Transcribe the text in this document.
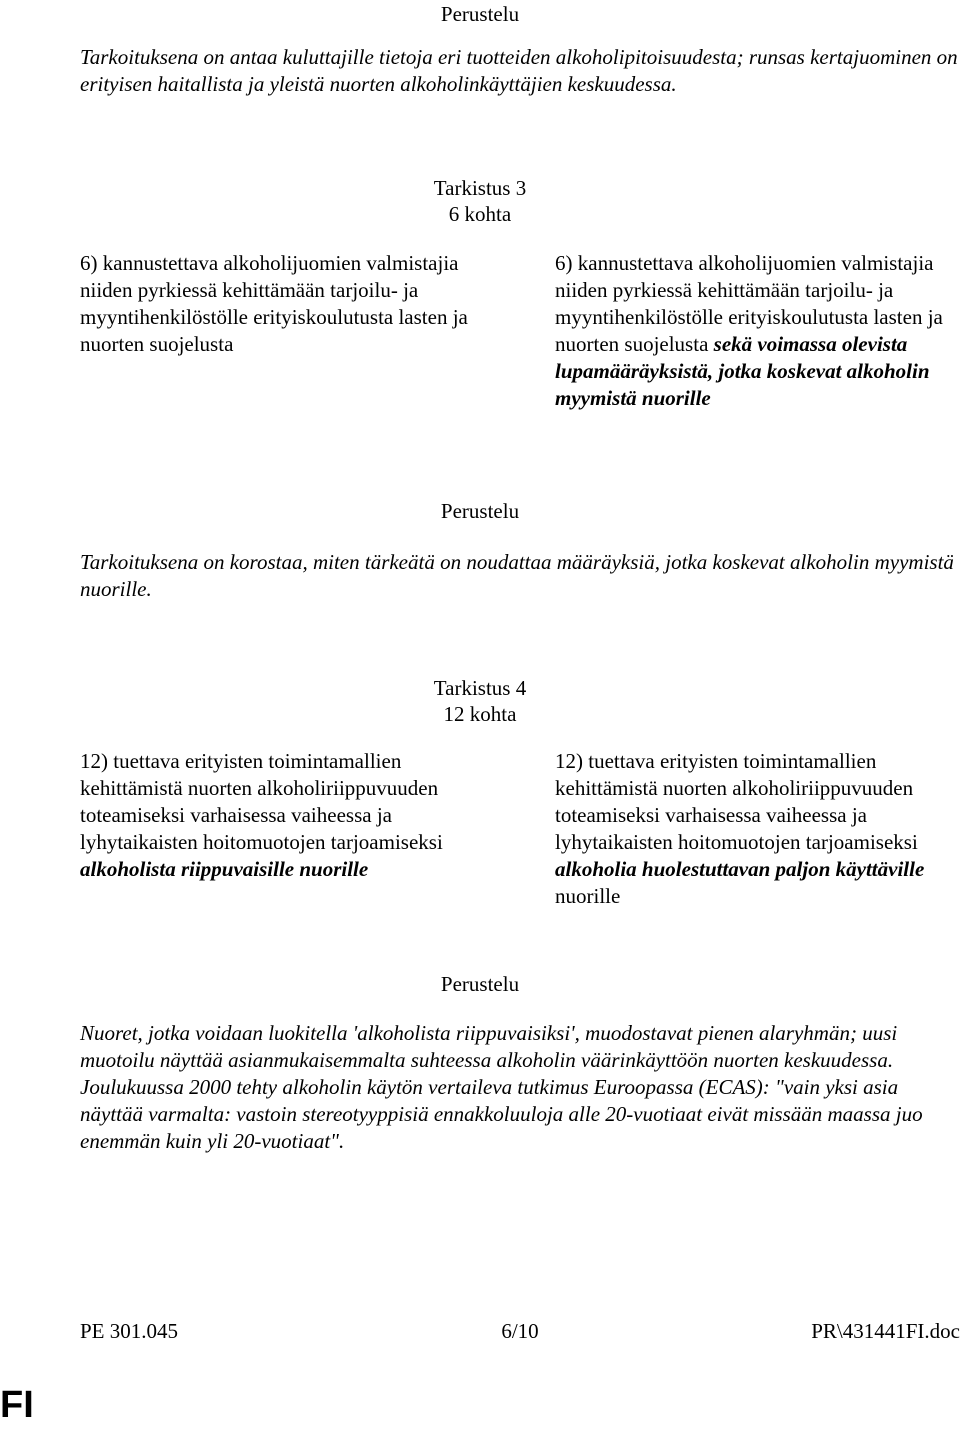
Perustelu
Tarkoituksena on antaa kuluttajille tietoja eri tuotteiden alkoholipitoisuudesta; runsas kertajuominen on erityisen haitallista ja yleistä nuorten alkoholinkäyttäjien keskuudessa.
Tarkistus 3
6 kohta
6) kannustettava alkoholijuomien valmistajia niiden pyrkiessä kehittämään tarjoilu- ja myyntihenkilöstölle erityiskoulutusta lasten ja nuorten suojelusta
6) kannustettava alkoholijuomien valmistajia niiden pyrkiessä kehittämään tarjoilu- ja myyntihenkilöstölle erityiskoulutusta lasten ja nuorten suojelusta sekä voimassa olevista lupamääräyksistä, jotka koskevat alkoholin myymistä nuorille
Perustelu
Tarkoituksena on korostaa, miten tärkeätä on noudattaa määräyksiä, jotka koskevat alkoholin myymistä nuorille.
Tarkistus 4
12 kohta
12) tuettava erityisten toimintamallien kehittämistä nuorten alkoholiriippuvuuden toteamiseksi varhaisessa vaiheessa ja lyhytaikaisten hoitomuotojen tarjoamiseksi alkoholista riippuvaisille nuorille
12) tuettava erityisten toimintamallien kehittämistä nuorten alkoholiriippuvuuden toteamiseksi varhaisessa vaiheessa ja lyhytaikaisten hoitomuotojen tarjoamiseksi alkoholia huolestuttavan paljon käyttäville nuorille
Perustelu
Nuoret, jotka voidaan luokitella 'alkoholista riippuvaisiksi', muodostavat pienen alaryhmän; uusi muotoilu näyttää asianmukaisemmalta suhteessa alkoholin väärinkäyttöön nuorten keskuudessa. Joulukuussa 2000 tehty alkoholin käytön vertaileva tutkimus Euroopassa (ECAS): "vain yksi asia näyttää varmalta: vastoin stereotyyppisiä ennakkoluuloja alle 20-vuotiaat eivät missään maassa juo enemmän kuin yli 20-vuotiaat".
PE 301.045	6/10	PR\431441FI.doc
FI
